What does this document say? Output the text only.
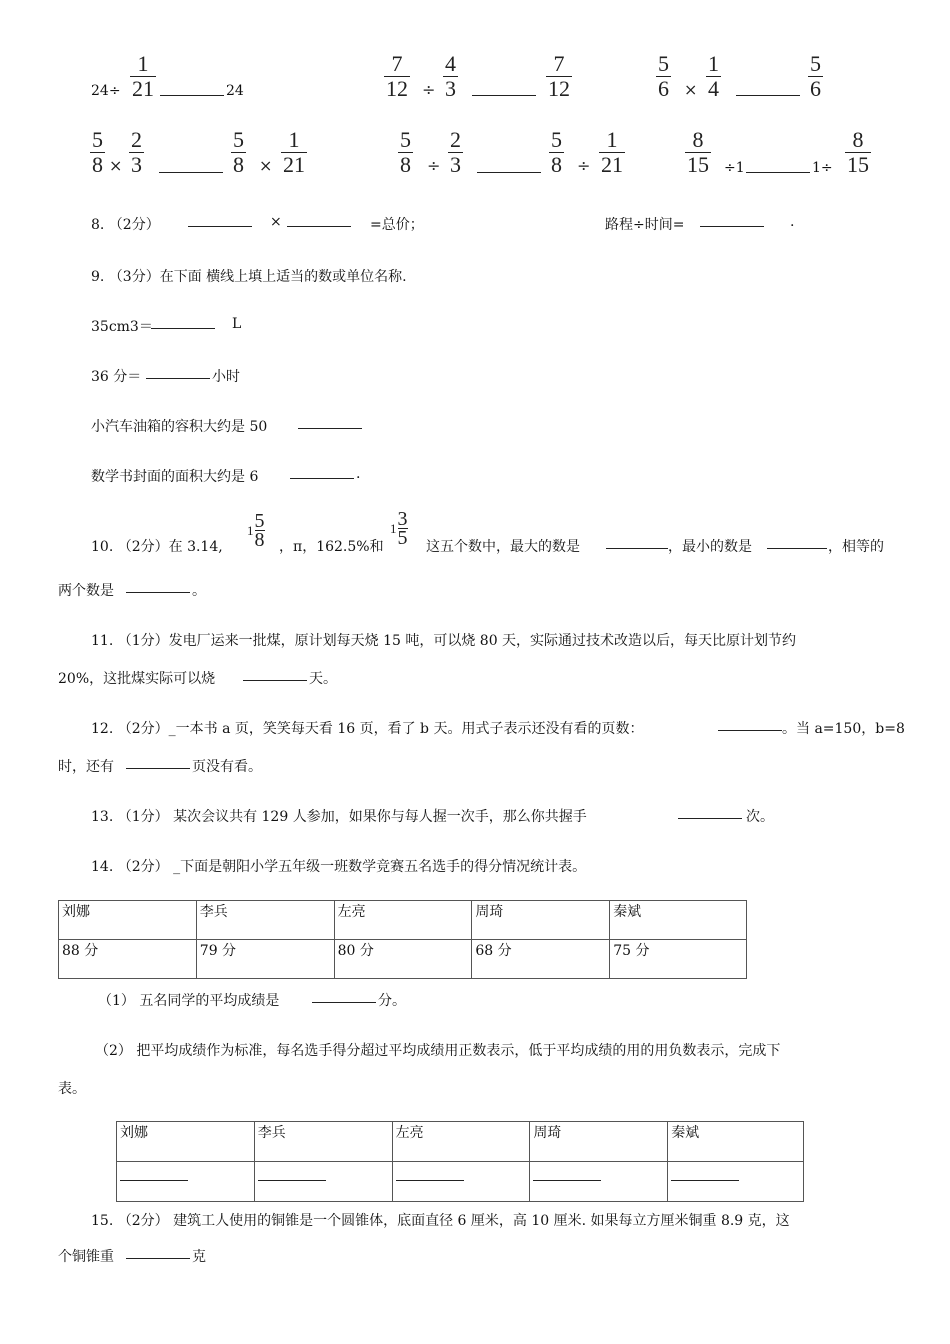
24÷
1
21	24
7
12 ÷
4
3
7
12
5
6 ×
1
4
5
6
5
8 ×
2
3
5
8 ×
1
21
5
8 ÷
2
3
5
8 ÷
1
21
8
15 ÷1	1÷
8
15
8. （2分）	×	=总价；	路程÷时间=	.
9. （3分）在下面 横线上填上适当的数或单位名称.
35cm3＝	L
36 分＝	小时
小汽车油箱的容积大约是 50
数学书封面的面积大约是 6	.
10. （2分）在 3.14,
1 5
8 ，π，162.5%和
1 3
5 这五个数中，最大的数是	，最小的数是	，相等的
两个数是	。
11. （1分）发电厂运来一批煤，原计划每天烧 15 吨，可以烧 80 天，实际通过技术改造以后，每天比原计划节约
20%，这批煤实际可以烧	天。
12. （2分）_一本书 a 页，笑笑每天看 16 页，看了 b 天。用式子表示还没有看的页数：	。当 a=150，b=8
时，还有	页没有看。
13. （1分） 某次会议共有 129 人参加，如果你与每人握一次手，那么你共握手	次。
14. （2分） _下面是朝阳小学五年级一班数学竞赛五名选手的得分情况统计表。
刘娜	李兵	左亮	周琦	秦斌
88 分	79 分	80 分	68 分	75 分
（1） 五名同学的平均成绩是	分。
（2） 把平均成绩作为标准，每名选手得分超过平均成绩用正数表示，低于平均成绩的用的用负数表示，完成下
表。
刘娜	李兵	左亮	周琦	秦斌

15. （2分） 建筑工人使用的铜锥是一个圆锥体，底面直径 6 厘米，高 10 厘米. 如果每立方厘米铜重 8.9 克，这
个铜锥重	克
